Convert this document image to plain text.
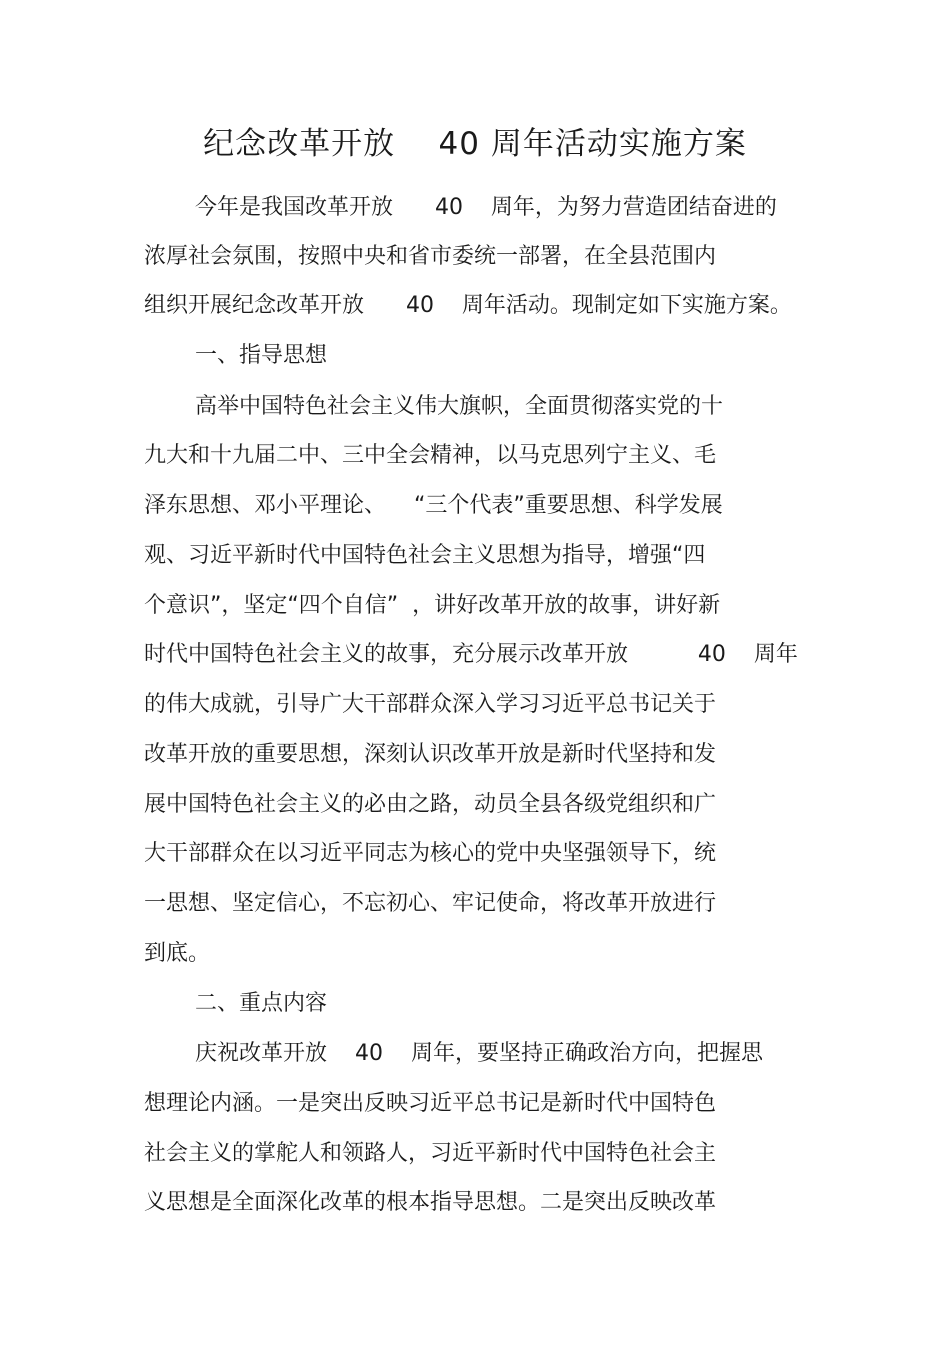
纪念改革开放    40 周年活动实施方案
今年是我国改革开放      40    周年，为努力营造团结奋进的
浓厚社会氛围，按照中央和省市委统一部署，在全县范围内
组织开展纪念改革开放      40    周年活动。现制定如下实施方案。
一、指导思想
高举中国特色社会主义伟大旗帜，全面贯彻落实党的十
九大和十九届二中、三中全会精神，以马克思列宁主义、毛
泽东思想、邓小平理论、    “三个代表”重要思想、科学发展
观、习近平新时代中国特色社会主义思想为指导，增强“四
个意识”，坚定“四个自信”  ，讲好改革开放的故事，讲好新
时代中国特色社会主义的故事，充分展示改革开放          40    周年
的伟大成就，引导广大干部群众深入学习习近平总书记关于
改革开放的重要思想，深刻认识改革开放是新时代坚持和发
展中国特色社会主义的必由之路，动员全县各级党组织和广
大干部群众在以习近平同志为核心的党中央坚强领导下，统
一思想、坚定信心，不忘初心、牢记使命，将改革开放进行
到底。
二、重点内容
庆祝改革开放    40    周年，要坚持正确政治方向，把握思
想理论内涵。一是突出反映习近平总书记是新时代中国特色
社会主义的掌舵人和领路人，习近平新时代中国特色社会主
义思想是全面深化改革的根本指导思想。二是突出反映改革
